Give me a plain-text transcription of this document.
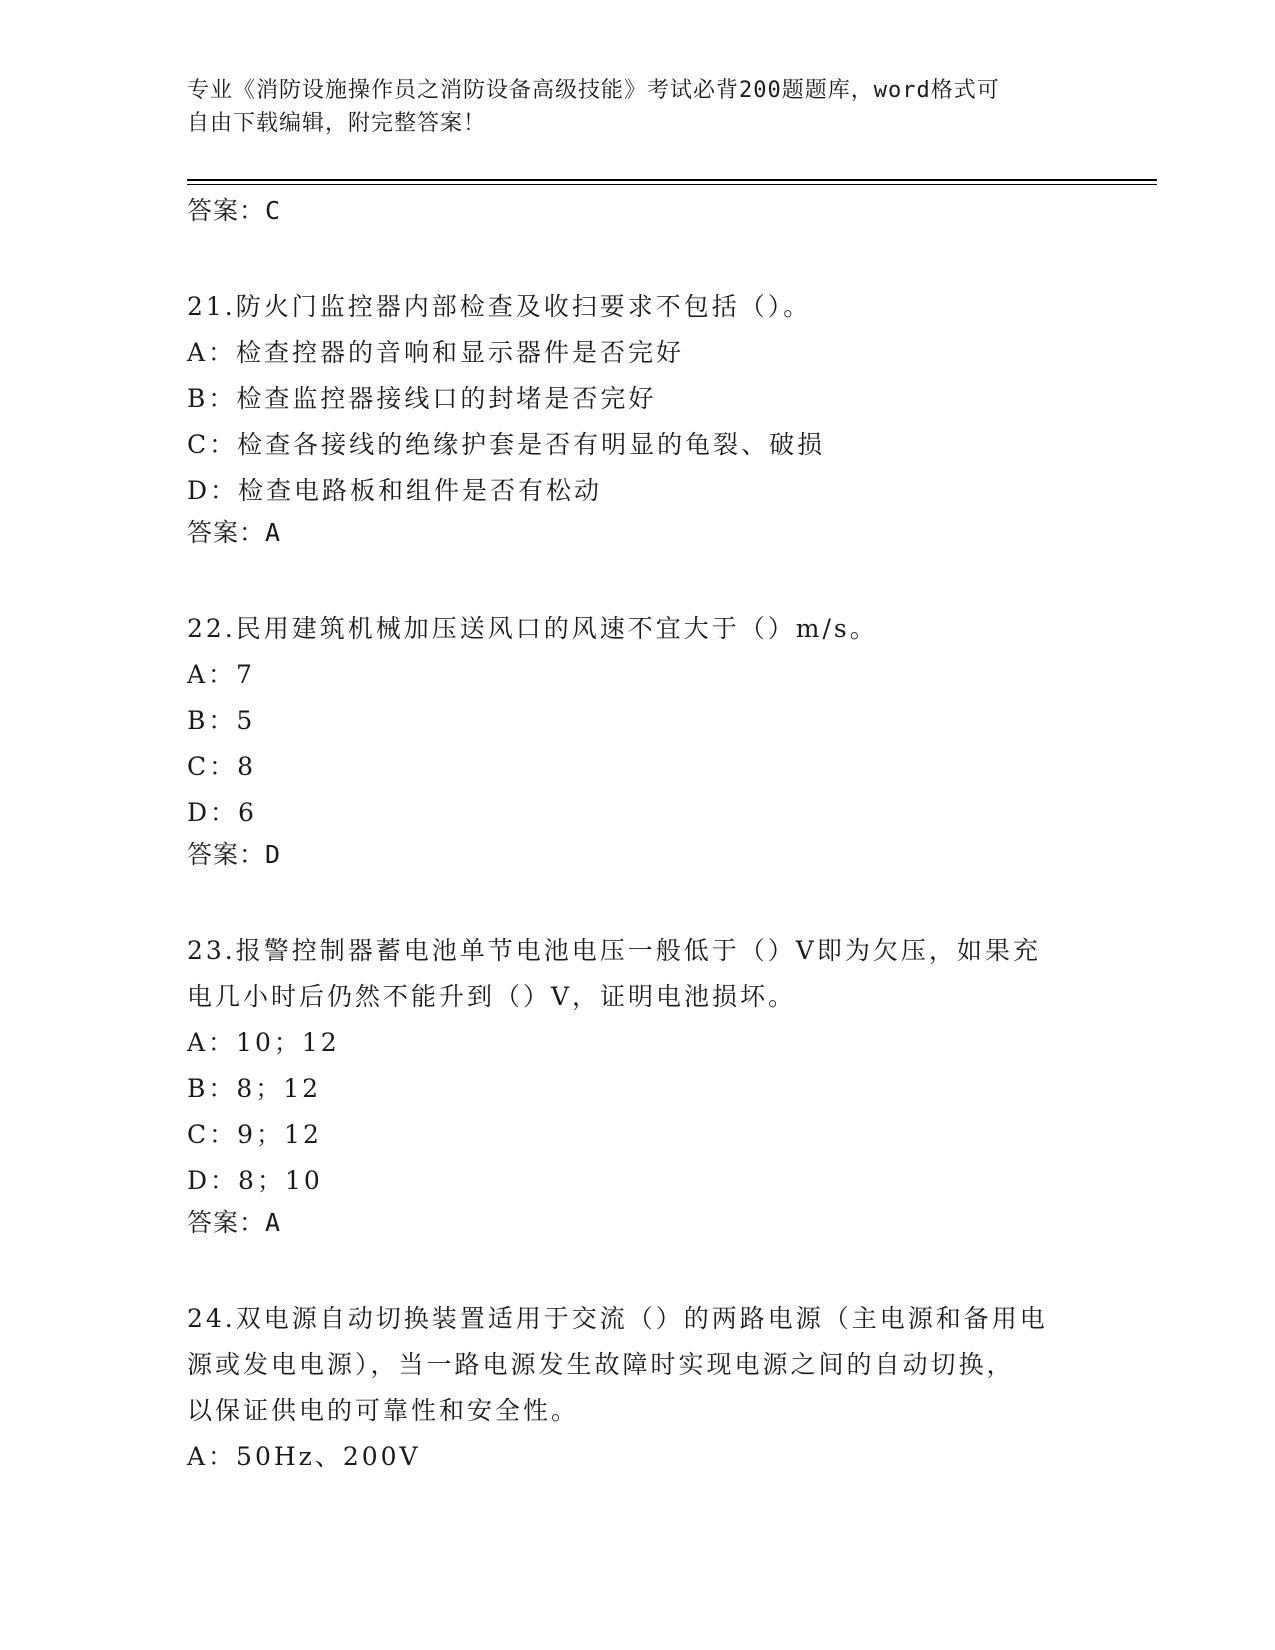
专业《消防设施操作员之消防设备高级技能》考试必背200题题库，word格式可
自由下载编辑，附完整答案！
答案：C
21.防火门监控器内部检查及收扫要求不包括（）。
A：检查控器的音响和显示器件是否完好
B：检查监控器接线口的封堵是否完好
C：检查各接线的绝缘护套是否有明显的龟裂、破损
D：检查电路板和组件是否有松动
答案：A
22.民用建筑机械加压送风口的风速不宜大于（）m/s。
A：7
B：5
C：8
D：6
答案：D
23.报警控制器蓄电池单节电池电压一般低于（）V即为欠压，如果充
电几小时后仍然不能升到（）V，证明电池损坏。
A：10；12
B：8；12
C：9；12
D：8；10
答案：A
24.双电源自动切换装置适用于交流（）的两路电源（主电源和备用电
源或发电电源），当一路电源发生故障时实现电源之间的自动切换，
以保证供电的可靠性和安全性。
A：50Hz、200V
